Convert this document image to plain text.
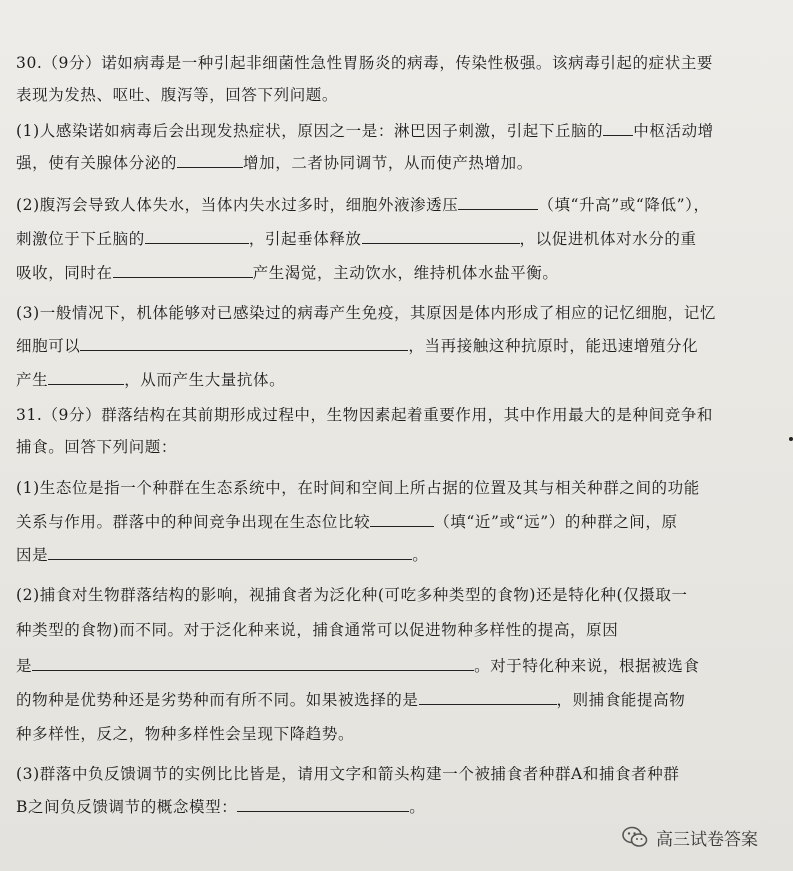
30.（9分）诺如病毒是一种引起非细菌性急性胃肠炎的病毒，传染性极强。该病毒引起的症状主要
表现为发热、呕吐、腹泻等，回答下列问题。
(1)人感染诺如病毒后会出现发热症状，原因之一是：淋巴因子刺激，引起下丘脑的 中枢活动增
强，使有关腺体分泌的	增加，二者协同调节，从而使产热增加。
(2)腹泻会导致人体失水，当体内失水过多时，细胞外液渗透压	（填“升高”或“降低”），
刺激位于下丘脑的	，引起垂体释放	，以促进机体对水分的重
吸收，同时在	产生渴觉，主动饮水，维持机体水盐平衡。
(3)一般情况下，机体能够对已感染过的病毒产生免疫，其原因是体内形成了相应的记忆细胞，记忆
细胞可以	，当再接触这种抗原时，能迅速增殖分化
产生	，从而产生大量抗体。
31.（9分）群落结构在其前期形成过程中，生物因素起着重要作用，其中作用最大的是种间竞争和
捕食。回答下列问题：
(1)生态位是指一个种群在生态系统中，在时间和空间上所占据的位置及其与相关种群之间的功能
关系与作用。群落中的种间竞争出现在生态位比较	（填“近”或“远”）的种群之间，原
因是	。
(2)捕食对生物群落结构的影响，视捕食者为泛化种(可吃多种类型的食物)还是特化种(仅摄取一
种类型的食物)而不同。对于泛化种来说，捕食通常可以促进物种多样性的提高，原因
是	。对于特化种来说，根据被选食
的物种是优势种还是劣势种而有所不同。如果被选择的是	，则捕食能提高物
种多样性，反之，物种多样性会呈现下降趋势。
(3)群落中负反馈调节的实例比比皆是，请用文字和箭头构建一个被捕食者种群A和捕食者种群
B之间负反馈调节的概念模型：	。
高三试卷答案
